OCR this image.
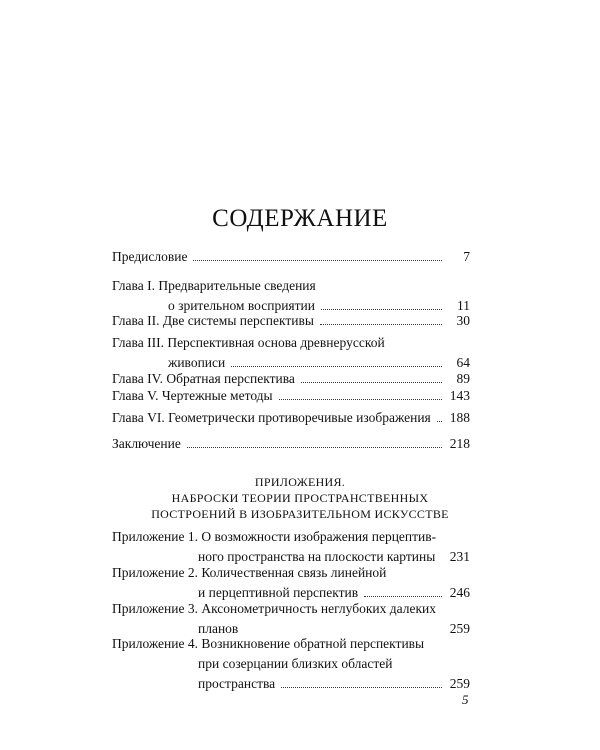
СОДЕРЖАНИЕ
Предисловие	7
Глава I. Предварительные сведения
о зрительном восприятии	11
Глава II. Две системы перспективы	30
Глава III. Перспективная основа древнерусской
живописи	64
Глава IV. Обратная перспектива	89
Глава V. Чертежные методы	143
Глава VI. Геометрически противоречивые изображения 188
Заключение	218
ПРИЛОЖЕНИЯ.
НАБРОСКИ ТЕОРИИ ПРОСТРАНСТВЕННЫХ
ПОСТРОЕНИЙ В ИЗОБРАЗИТЕЛЬНОМ ИСКУССТВЕ
Приложение 1. О возможности изображения перцептив-
ного пространства на плоскости картины 231
Приложение 2. Количественная связь линейной
и перцептивной перспектив	246
Приложение 3. Аксонометричность неглубоких далеких
планов	259
Приложение 4. Возникновение обратной перспективы
при созерцании близких областей
пространства	259
5
